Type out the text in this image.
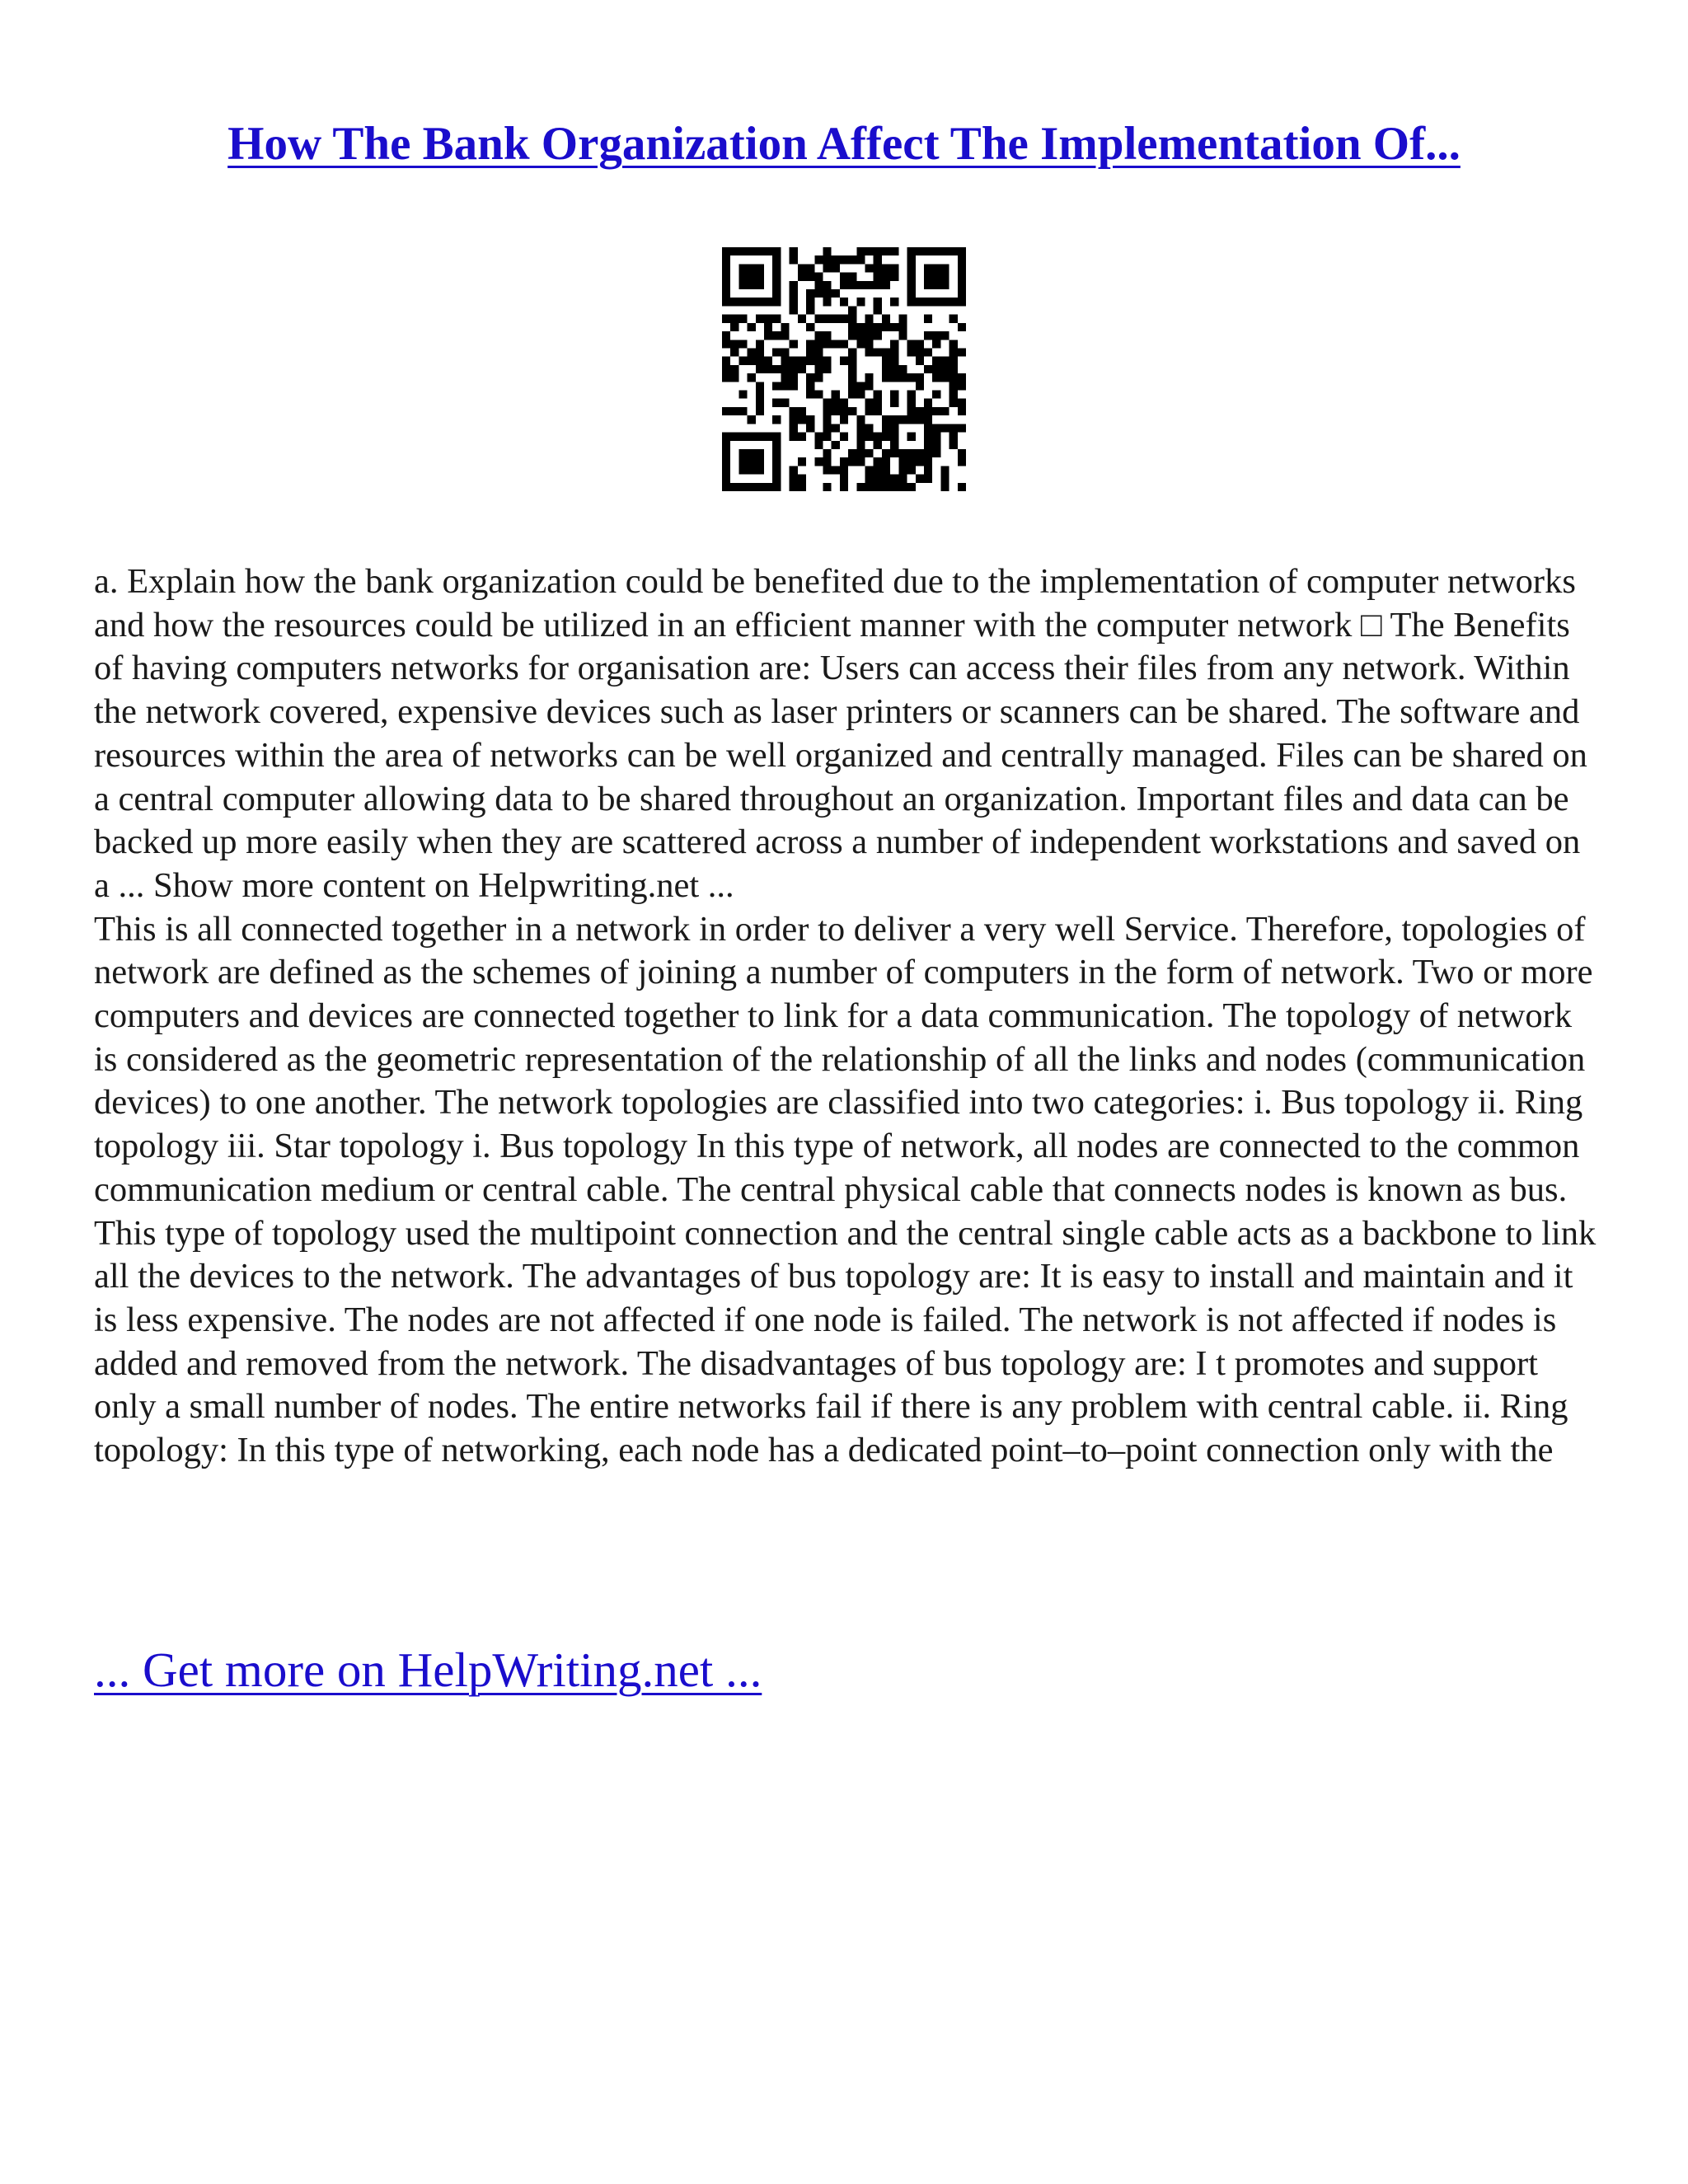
How The Bank Organization Affect The Implementation Of...

a. Explain how the bank organization could be benefited due to the implementation of computer networks and how the resources could be utilized in an efficient manner with the computer network □ The Benefits of having computers networks for organisation are: Users can access their files from any network. Within the network covered, expensive devices such as laser printers or scanners can be shared. The software and resources within the area of networks can be well organized and centrally managed. Files can be shared on a central computer allowing data to be shared throughout an organization. Important files and data can be backed up more easily when they are scattered across a number of independent workstations and saved on a ... Show more content on Helpwriting.net ...

This is all connected together in a network in order to deliver a very well Service. Therefore, topologies of network are defined as the schemes of joining a number of computers in the form of network. Two or more computers and devices are connected together to link for a data communication. The topology of network is considered as the geometric representation of the relationship of all the links and nodes (communication devices) to one another. The network topologies are classified into two categories: i. Bus topology ii. Ring topology iii. Star topology i. Bus topology In this type of network, all nodes are connected to the common communication medium or central cable. The central physical cable that connects nodes is known as bus. This type of topology used the multipoint connection and the central single cable acts as a backbone to link all the devices to the network. The advantages of bus topology are: It is easy to install and maintain and it is less expensive. The nodes are not affected if one node is failed. The network is not affected if nodes is added and removed from the network. The disadvantages of bus topology are: I t promotes and support only a small number of nodes. The entire networks fail if there is any problem with central cable. ii. Ring topology: In this type of networking, each node has a dedicated point–to–point connection only with the

... Get more on HelpWriting.net ...
